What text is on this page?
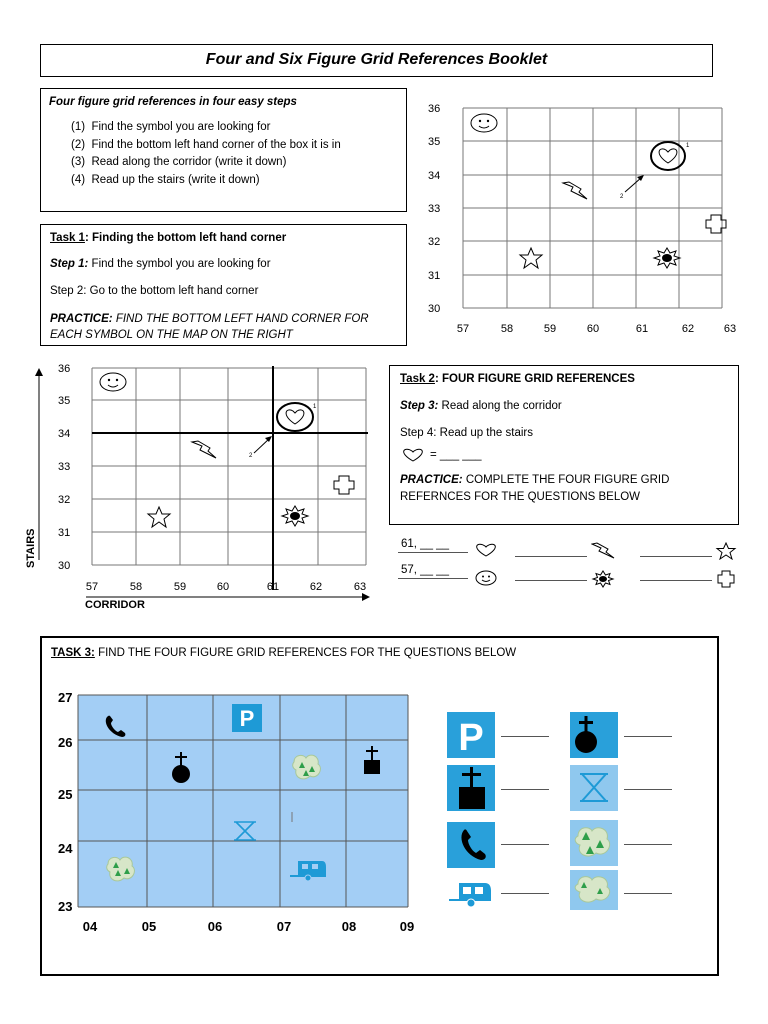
Four and Six Figure Grid References Booklet
Four figure grid references in four easy steps
(1) Find the symbol you are looking for
(2) Find the bottom left hand corner of the box it is in
(3) Read along the corridor (write it down)
(4) Read up the stairs (write it down)
Task 1: Finding the bottom left hand corner
Step 1: Find the symbol you are looking for
Step 2: Go to the bottom left hand corner
PRACTICE: FIND THE BOTTOM LEFT HAND CORNER FOR EACH SYMBOL ON THE MAP ON THE RIGHT
1
2
36
35
34
33
32
31
30
57	58	59	60	61	62	63
1
2
36
35
34
33
32
31
30
57	58	59	60	61	62	63
CORRIDOR
STAIRS
Task 2: FOUR FIGURE GRID REFERENCES
Step 3: Read along the corridor
Step 4: Read up the stairs
= ___ ___
PRACTICE: COMPLETE THE FOUR FIGURE GRID REFERNCES FOR THE QUESTIONS BELOW
61, __ __
57, __ __
TASK 3: FIND THE FOUR FIGURE GRID REFERENCES FOR THE QUESTIONS BELOW
P
27
26
25
24
23
04	05	06	07	08	09
P
